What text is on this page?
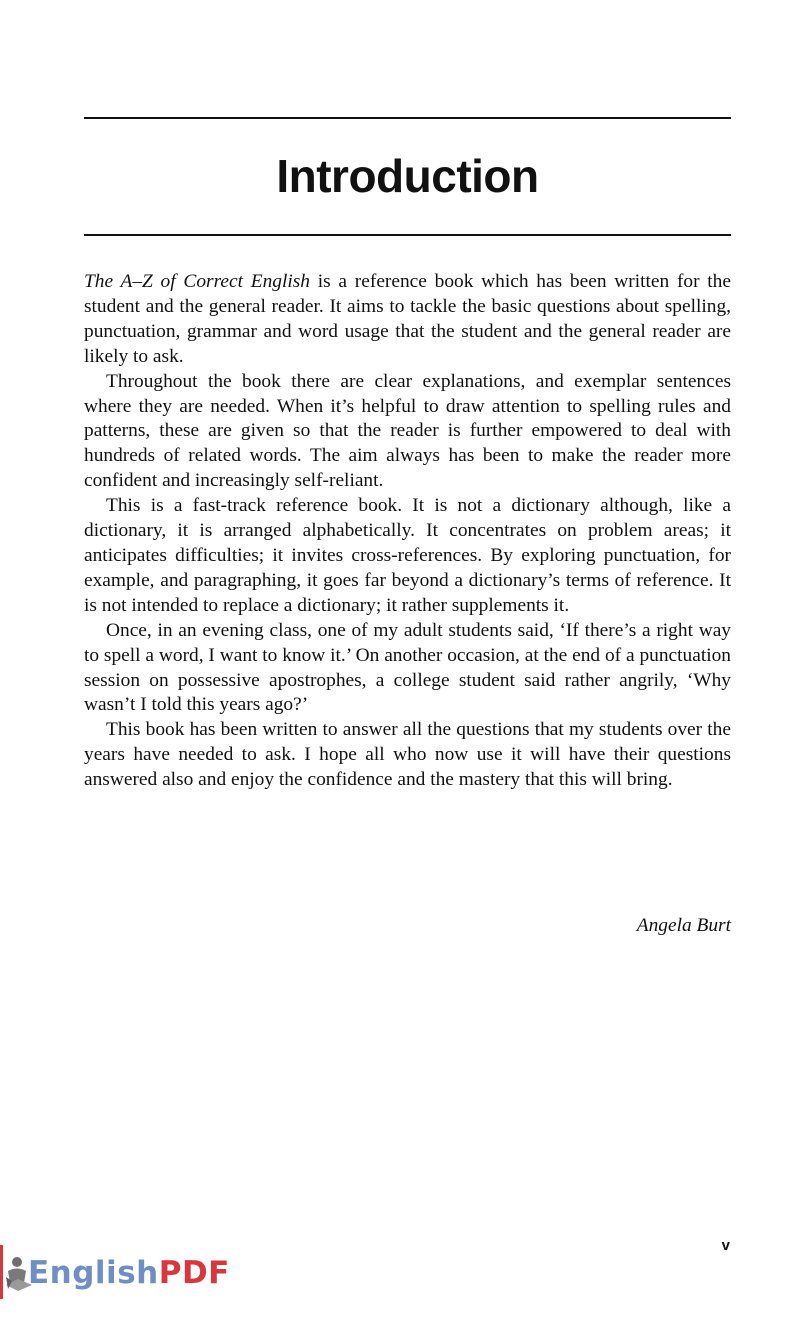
Introduction

The A–Z of Correct English is a reference book which has been written for the student and the general reader. It aims to tackle the basic questions about spelling, punctuation, grammar and word usage that the student and the general reader are likely to ask.

Throughout the book there are clear explanations, and exemplar sentences where they are needed. When it’s helpful to draw attention to spelling rules and patterns, these are given so that the reader is further empowered to deal with hundreds of related words. The aim always has been to make the reader more confident and increasingly self-reliant.

This is a fast-track reference book. It is not a dictionary although, like a dictionary, it is arranged alphabetically. It concentrates on problem areas; it anticipates difficulties; it invites cross-references. By exploring punctuation, for example, and paragraphing, it goes far beyond a dictionary’s terms of reference. It is not intended to replace a dictionary; it rather supplements it.

Once, in an evening class, one of my adult students said, ‘If there’s a right way to spell a word, I want to know it.’ On another occasion, at the end of a punctuation session on possessive apostrophes, a college student said rather angrily, ‘Why wasn’t I told this years ago?’

This book has been written to answer all the questions that my students over the years have needed to ask. I hope all who now use it will have their questions answered also and enjoy the confidence and the mastery that this will bring.

Angela Burt
v
EnglishPDF
